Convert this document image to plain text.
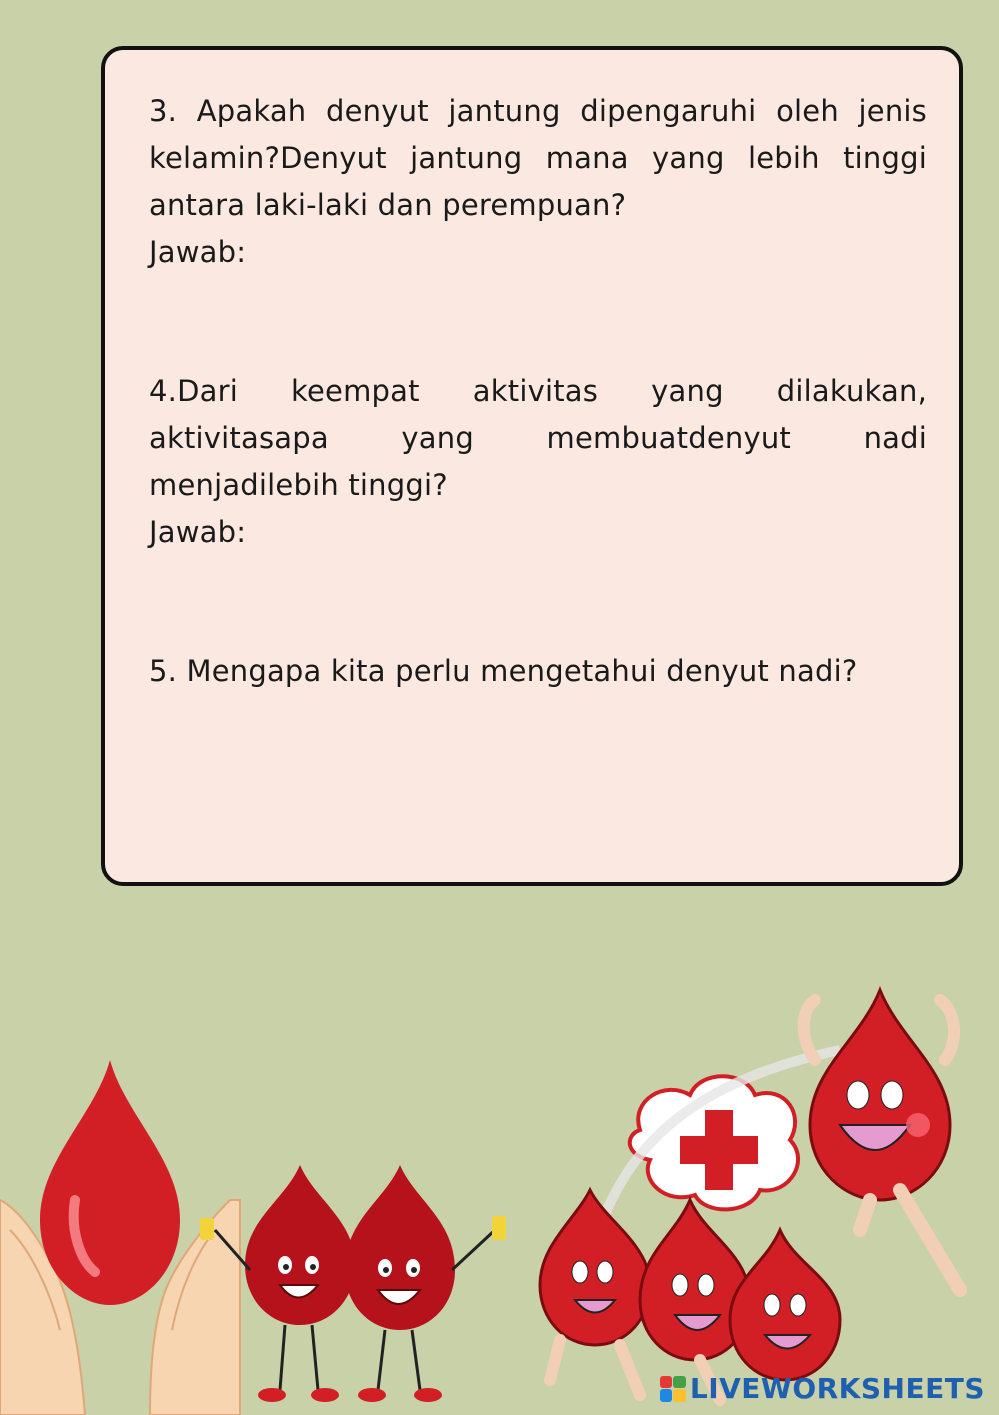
3. Apakah denyut jantung dipengaruhi oleh jenis
kelamin?Denyut jantung mana yang lebih tinggi
antara laki-laki dan perempuan?
Jawab:
4.Dari keempat aktivitas yang dilakukan,
aktivitasapa yang membuatdenyut nadi
menjadilebih tinggi?
Jawab:
5. Mengapa kita perlu mengetahui denyut nadi?
LIVEWORKSHEETS
